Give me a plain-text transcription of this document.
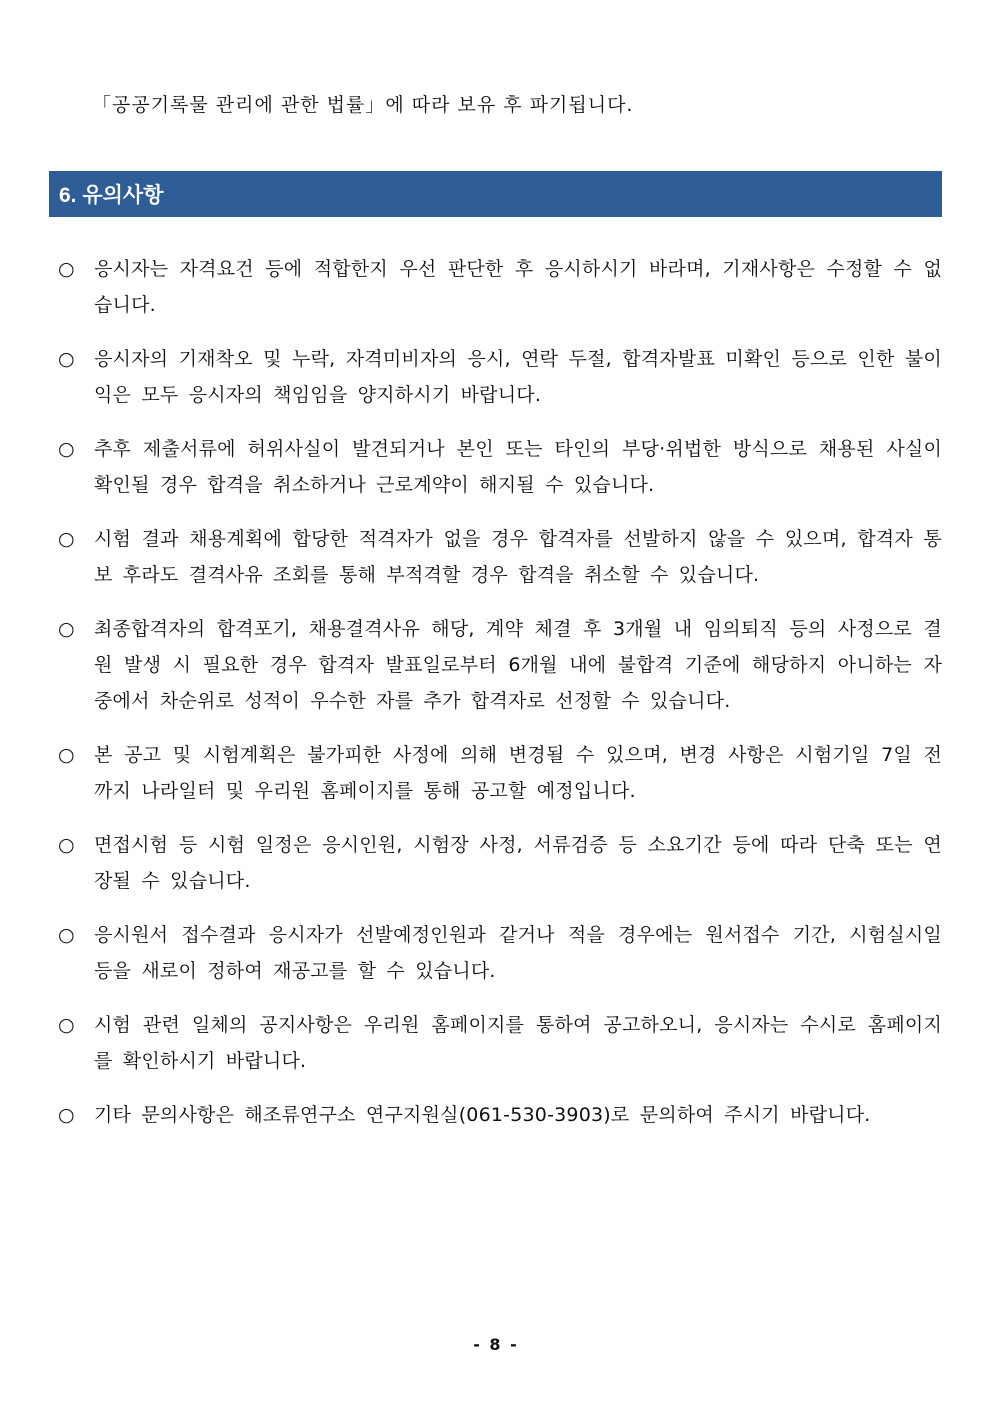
「공공기록물 관리에 관한 법률」에 따라 보유 후 파기됩니다.
6. 유의사항
○	응시자는 자격요건 등에 적합한지 우선 판단한 후 응시하시기 바라며, 기재사항은 수정할 수 없습니다.
○	응시자의 기재착오 및 누락, 자격미비자의 응시, 연락 두절, 합격자발표 미확인 등으로 인한 불이익은 모두 응시자의 책임임을 양지하시기 바랍니다.
○	추후 제출서류에 허위사실이 발견되거나 본인 또는 타인의 부당·위법한 방식으로 채용된 사실이 확인될 경우 합격을 취소하거나 근로계약이 해지될 수 있습니다.
○	시험 결과 채용계획에 합당한 적격자가 없을 경우 합격자를 선발하지 않을 수 있으며, 합격자 통보 후라도 결격사유 조회를 통해 부적격할 경우 합격을 취소할 수 있습니다.
○	최종합격자의 합격포기, 채용결격사유 해당, 계약 체결 후 3개월 내 임의퇴직 등의 사정으로 결원 발생 시 필요한 경우 합격자 발표일로부터 6개월 내에 불합격 기준에 해당하지 아니하는 자 중에서 차순위로 성적이 우수한 자를 추가 합격자로 선정할 수 있습니다.
○	본 공고 및 시험계획은 불가피한 사정에 의해 변경될 수 있으며, 변경 사항은 시험기일 7일 전까지 나라일터 및 우리원 홈페이지를 통해 공고할 예정입니다.
○	면접시험 등 시험 일정은 응시인원, 시험장 사정, 서류검증 등 소요기간 등에 따라 단축 또는 연장될 수 있습니다.
○	응시원서 접수결과 응시자가 선발예정인원과 같거나 적을 경우에는 원서접수 기간, 시험실시일 등을 새로이 정하여 재공고를 할 수 있습니다.
○	시험 관련 일체의 공지사항은 우리원 홈페이지를 통하여 공고하오니, 응시자는 수시로 홈페이지를 확인하시기 바랍니다.
○	기타 문의사항은 해조류연구소 연구지원실(061-530-3903)로 문의하여 주시기 바랍니다.
- 8 -
